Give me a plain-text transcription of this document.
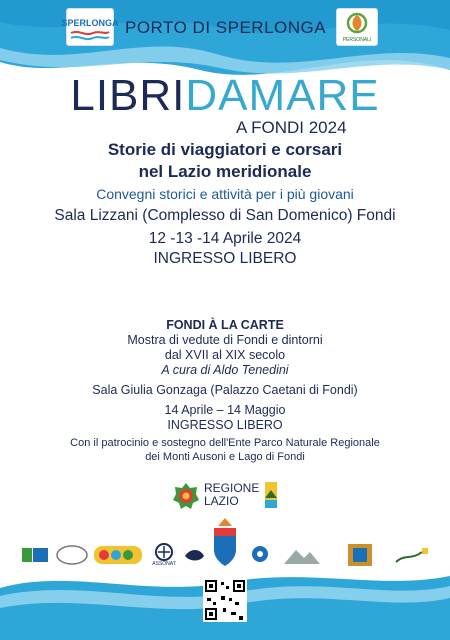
SPERLONGA PORTO DI SPERLONGA
PERSONALI
LIBRIDAMARE
A FONDI 2024
Storie di viaggiatori e corsari
nel Lazio meridionale
Convegni storici e attività per i più giovani
Sala Lizzani (Complesso di San Domenico) Fondi
12 -13 -14 Aprile 2024
INGRESSO LIBERO
FONDI À LA CARTE
Mostra di vedute di Fondi e dintorni
dal XVII al XIX secolo
A cura di Aldo Tenedini
Sala Giulia Gonzaga (Palazzo Caetani di Fondi)
14 Aprile – 14 Maggio
INGRESSO LIBERO
Con il patrocinio e sostegno dell'Ente Parco Naturale Regionale
dei Monti Ausoni e Lago di Fondi
REGIONE
LAZIO
ASSONAT
